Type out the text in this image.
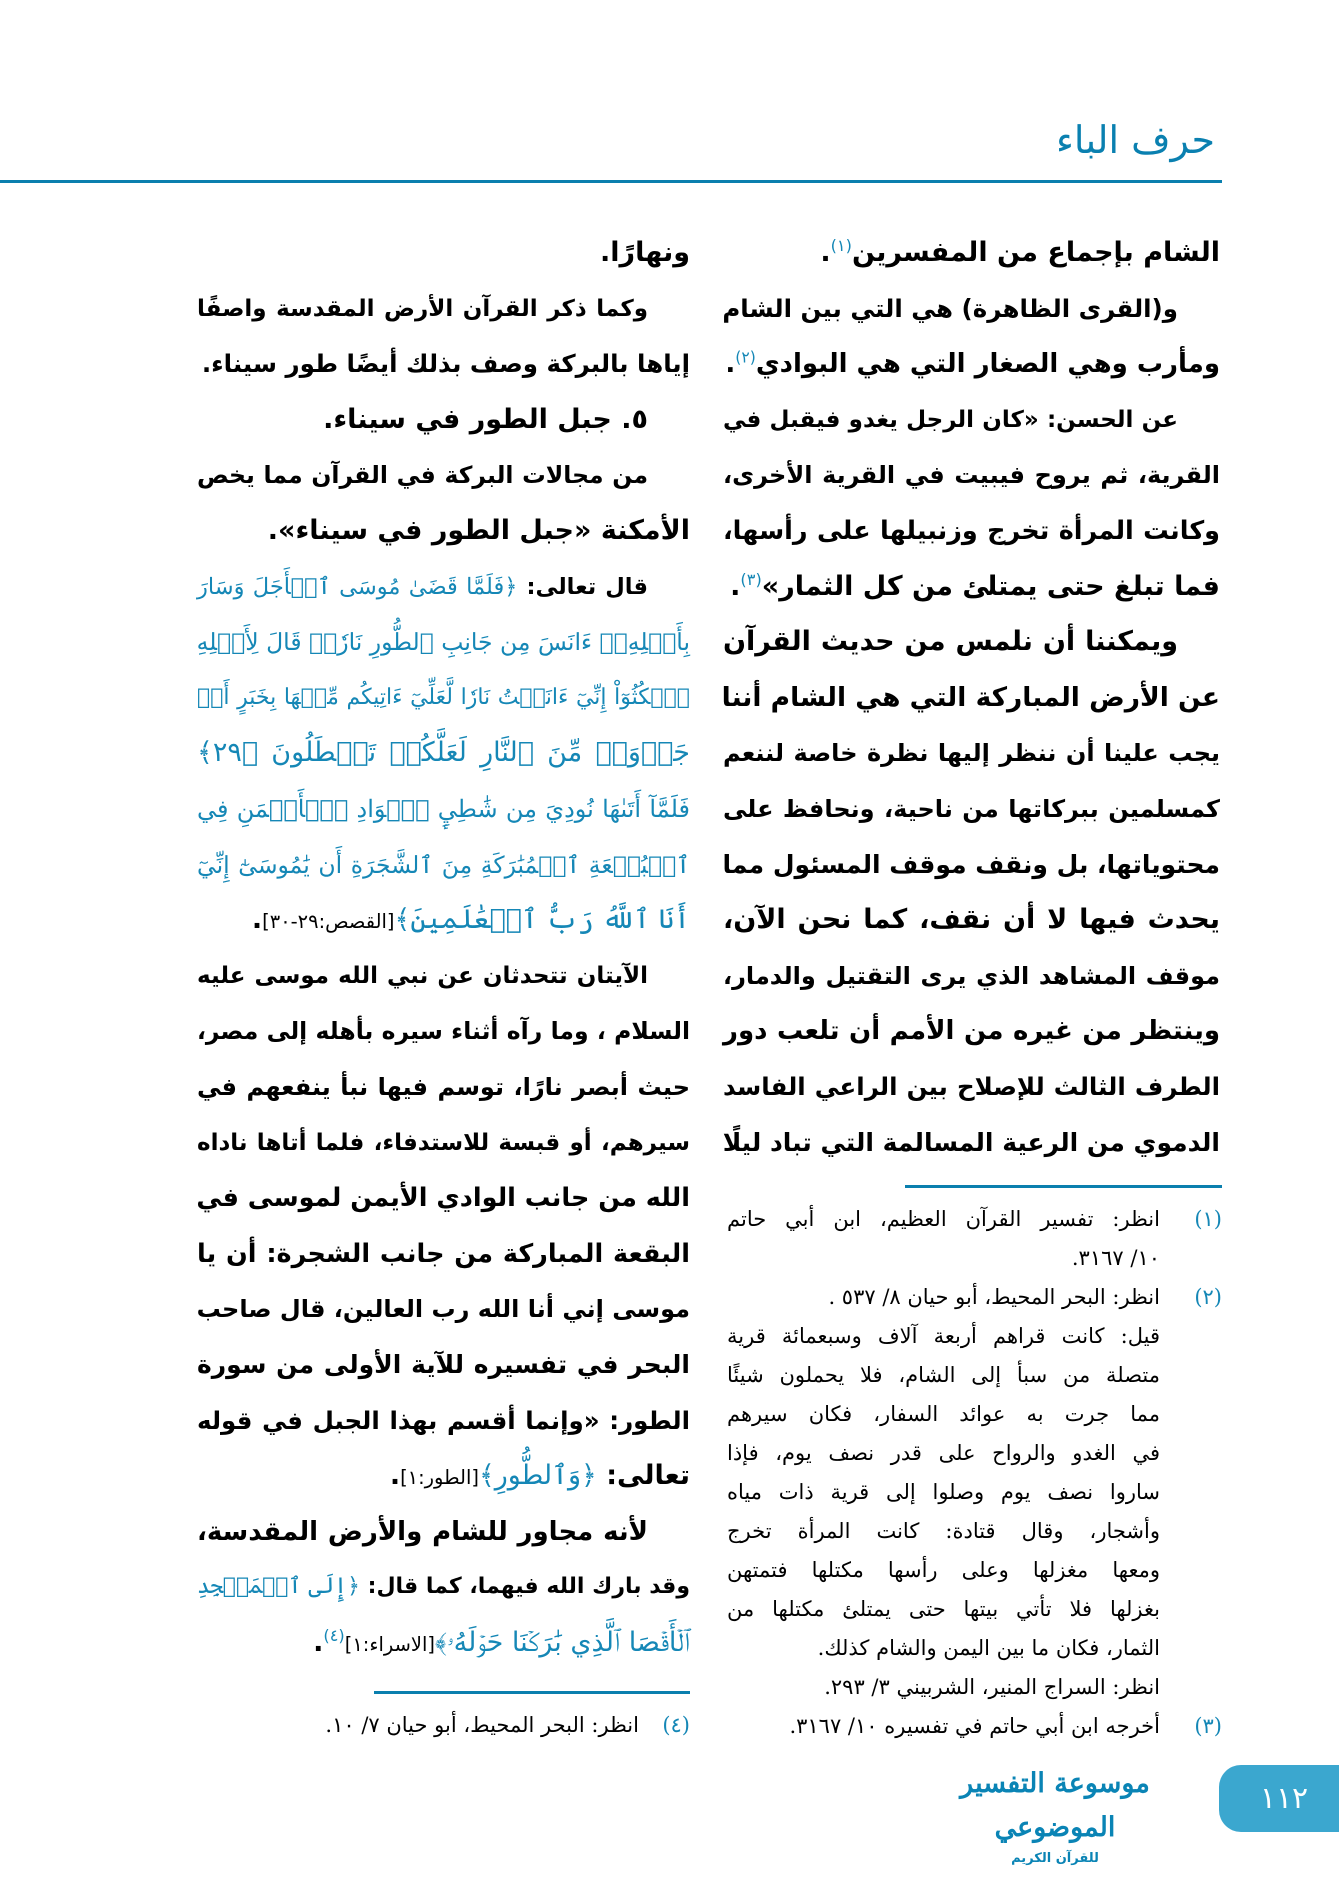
حرف الباء
الشام بإجماع من المفسرين$^{(١)}$.
و(القرى الظاهرة) هي التي بين الشام
ومأرب وهي الصغار التي هي البوادي$^{(٢)}$.
عن الحسن: «كان الرجل يغدو فيقبل في
القرية، ثم يروح فيبيت في القرية الأخرى،
وكانت المرأة تخرج وزنبيلها على رأسها،
فما تبلغ حتى يمتلئ من كل الثمار»$^{(٣)}$.
ويمكننا أن نلمس من حديث القرآن
عن الأرض المباركة التي هي الشام أننا
يجب علينا أن ننظر إليها نظرة خاصة لننعم
كمسلمين ببركاتها من ناحية، ونحافظ على
محتوياتها، بل ونقف موقف المسئول مما
يحدث فيها لا أن نقف، كما نحن الآن،
موقف المشاهد الذي يرى التقتيل والدمار،
وينتظر من غيره من الأمم أن تلعب دور
الطرف الثالث للإصلاح بين الراعي الفاسد
الدموي من الرعية المسالمة التي تباد ليلًا
ونهارًا.
وكما ذكر القرآن الأرض المقدسة واصفًا
إياها بالبركة وصف بذلك أيضًا طور سيناء.
٥. جبل الطور في سيناء.
من مجالات البركة في القرآن مما يخص
الأمكنة «جبل الطور في سيناء».
قال تعالى: ﴿فَلَمَّا قَضَىٰ مُوسَى ٱلۡأَجَلَ وَسَارَ
بِأَهۡلِهِۦٓ ءَانَسَ مِن جَانِبِ ٱلطُّورِ نَارٗاۖ قَالَ لِأَهۡلِهِ
ٱمۡكُثُوٓاْ إِنِّيٓ ءَانَسۡتُ نَارٗا لَّعَلِّيٓ ءَاتِيكُم مِّنۡهَا بِخَبَرٍ أَوۡ
جَذۡوَةٖ مِّنَ ٱلنَّارِ لَعَلَّكُمۡ تَصۡطَلُونَ ﴿٢٩﴾
فَلَمَّآ أَتَىٰهَا نُودِيَ مِن شَٰطِيِٕ ٱلۡوَادِ ٱلۡأَيۡمَنِ فِي
ٱلۡبُقۡعَةِ ٱلۡمُبَٰرَكَةِ مِنَ ٱلشَّجَرَةِ أَن يَٰمُوسَىٰٓ إِنِّيٓ
أَنَا ٱللَّهُ رَبُّ ٱلۡعَٰلَمِينَ﴾[القصص:٢٩-٣٠].
الآيتان تتحدثان عن نبي الله موسى عليه
السلام ، وما رآه أثناء سيره بأهله إلى مصر،
حيث أبصر نارًا، توسم فيها نبأ ينفعهم في
سيرهم، أو قبسة للاستدفاء، فلما أتاها ناداه
الله من جانب الوادي الأيمن لموسى في
البقعة المباركة من جانب الشجرة: أن يا
موسى إني أنا الله رب العالين، قال صاحب
البحر في تفسيره للآية الأولى من سورة
الطور: «وإنما أقسم بهذا الجبل في قوله
تعالى: ﴿وَٱلطُّورِ﴾[الطور:١].
لأنه مجاور للشام والأرض المقدسة،
وقد بارك الله فيهما، كما قال: ﴿إِلَى ٱلۡمَسۡجِدِ
ٱلۡأَقۡصَا ٱلَّذِي بَٰرَكۡنَا حَوۡلَهُۥ﴾[الاسراء:١]$^{(٤)}$.
(١)
انظر: تفسير القرآن العظيم، ابن أبي حاتم
١٠/ ٣١٦٧.
(٢)
انظر: البحر المحيط، أبو حيان ٨/ ٥٣٧ .
قيل: كانت قراهم أربعة آلاف وسبعمائة قرية
متصلة من سبأ إلى الشام، فلا يحملون شيئًا
مما جرت به عوائد السفار، فكان سيرهم
في الغدو والرواح على قدر نصف يوم، فإذا
ساروا نصف يوم وصلوا إلى قرية ذات مياه
وأشجار، وقال قتادة: كانت المرأة تخرج
ومعها مغزلها وعلى رأسها مكتلها فتمتهن
بغزلها فلا تأتي بيتها حتى يمتلئ مكتلها من
الثمار، فكان ما بين اليمن والشام كذلك.
انظر: السراج المنير، الشربيني ٣/ ٢٩٣.
(٣)
أخرجه ابن أبي حاتم في تفسيره ١٠/ ٣١٦٧.
(٤)
انظر: البحر المحيط، أبو حيان ٧/ ١٠.
موسوعة التفسير الموضوعي
للقرآن الكريم
١١٢
